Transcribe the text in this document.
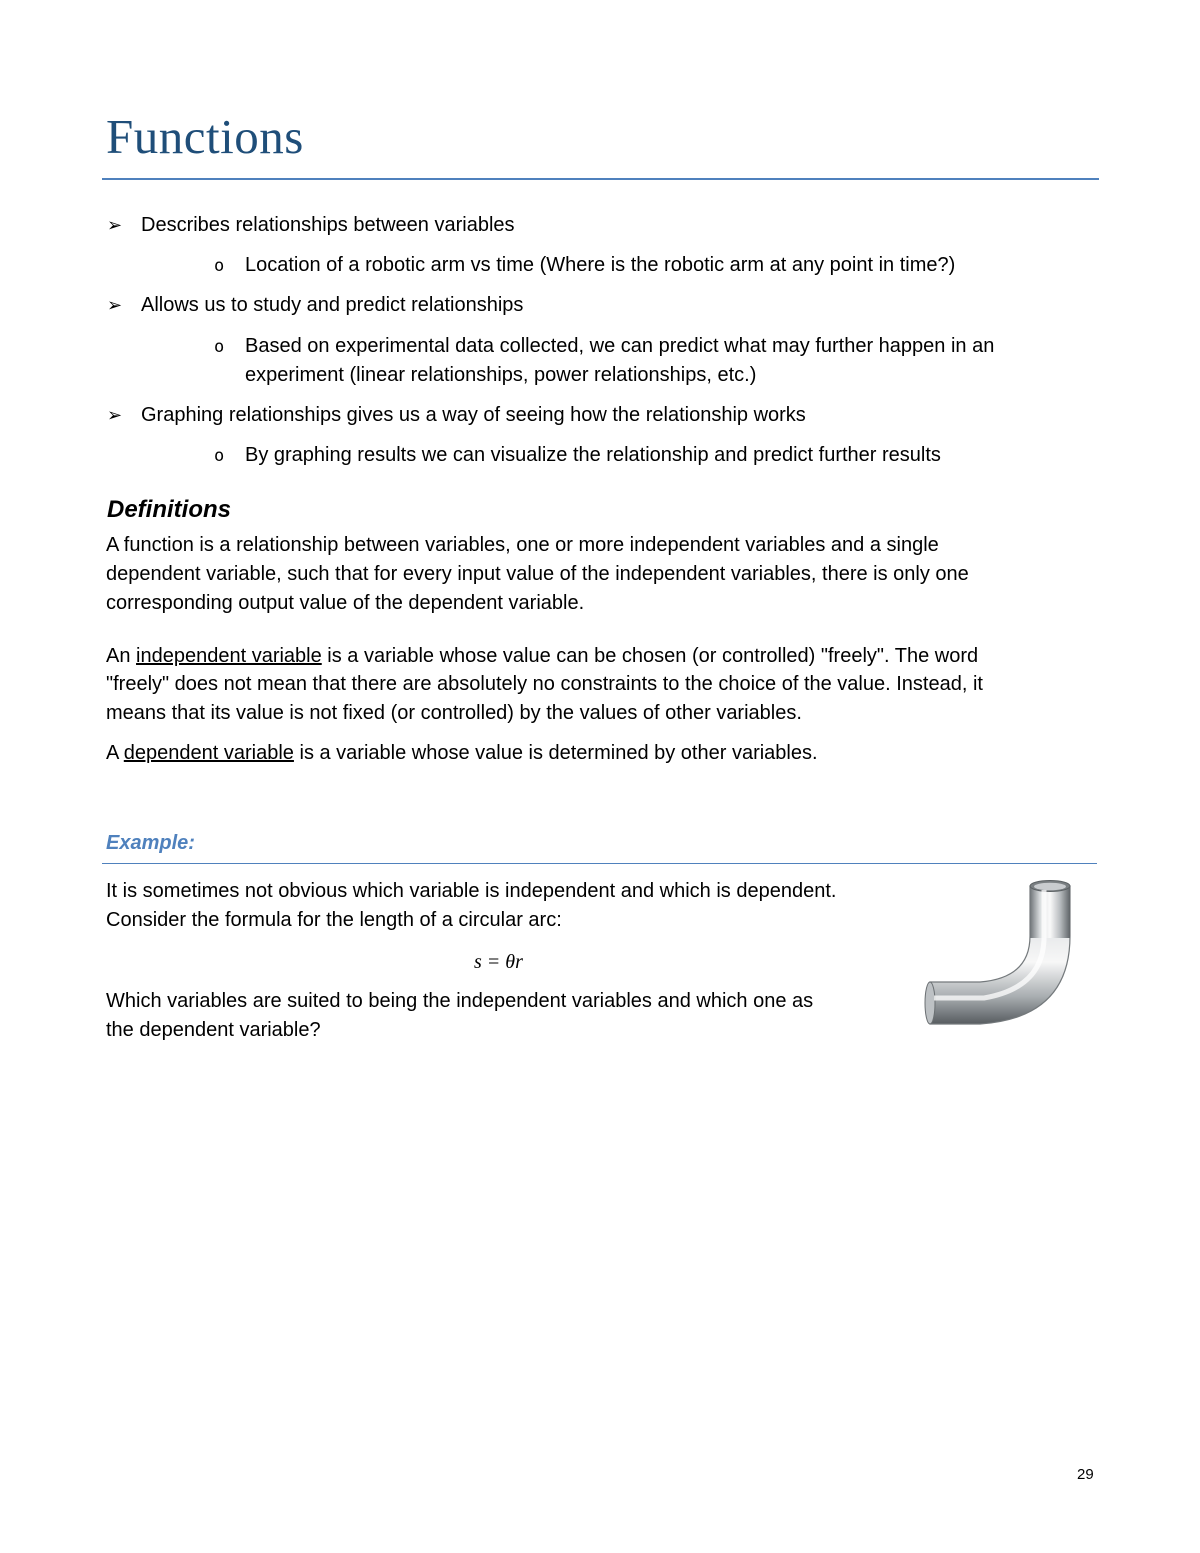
Functions
➢ Describes relationships between variables
o Location of a robotic arm vs time (Where is the robotic arm at any point in time?)
➢ Allows us to study and predict relationships
o Based on experimental data collected, we can predict what may further happen in an
experiment (linear relationships, power relationships, etc.)
➢ Graphing relationships gives us a way of seeing how the relationship works
o By graphing results we can visualize the relationship and predict further results
Definitions
A function is a relationship between variables, one or more independent variables and a single
dependent variable, such that for every input value of the independent variables, there is only one
corresponding output value of the dependent variable.
An independent variable is a variable whose value can be chosen (or controlled) "freely". The word
"freely" does not mean that there are absolutely no constraints to the choice of the value. Instead, it
means that its value is not fixed (or controlled) by the values of other variables.
A dependent variable is a variable whose value is determined by other variables.
Example:
It is sometimes not obvious which variable is independent and which is dependent.
Consider the formula for the length of a circular arc:
s = θr
Which variables are suited to being the independent variables and which one as
the dependent variable?
29
